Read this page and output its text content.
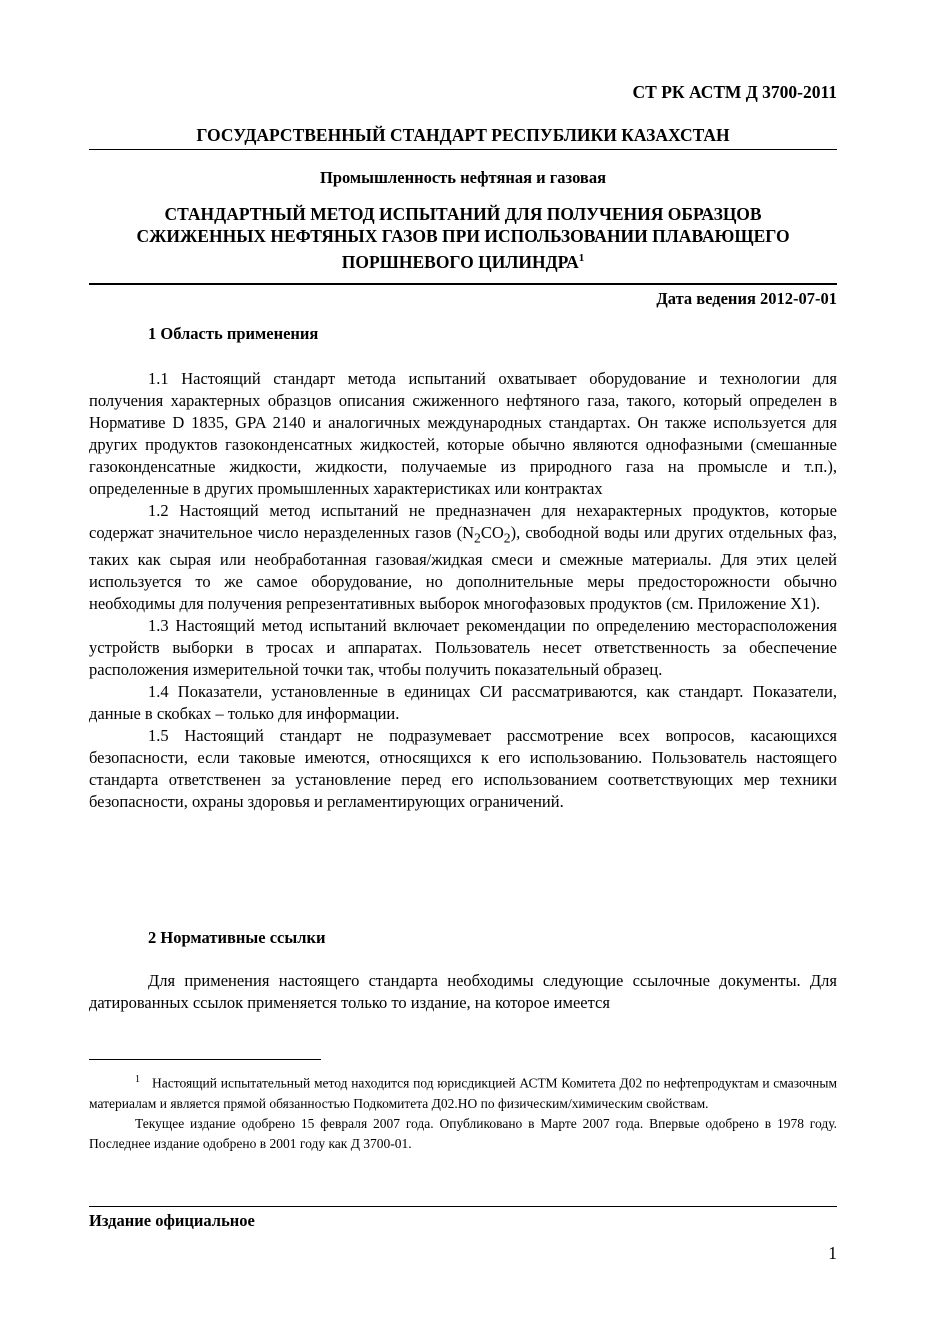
СТ РК АСТМ Д 3700-2011
ГОСУДАРСТВЕННЫЙ СТАНДАРТ РЕСПУБЛИКИ КАЗАХСТАН
Промышленность нефтяная и газовая
СТАНДАРТНЫЙ МЕТОД ИСПЫТАНИЙ ДЛЯ ПОЛУЧЕНИЯ ОБРАЗЦОВ
СЖИЖЕННЫХ НЕФТЯНЫХ ГАЗОВ ПРИ ИСПОЛЬЗОВАНИИ ПЛАВАЮЩЕГО
ПОРШНЕВОГО ЦИЛИНДРА$^1$
Дата ведения 2012-07-01
1 Область применения

1.1 Настоящий стандарт метода испытаний охватывает оборудование и технологии для получения характерных образцов описания сжиженного нефтяного газа, такого, который определен в Нормативе D 1835, GPA 2140 и аналогичных международных стандартах. Он также используется для других продуктов газоконденсатных жидкостей, которые обычно являются однофазными (смешанные газоконденсатные жидкости, жидкости, получаемые из природного газа на промысле и т.п.), определенные в других промышленных характеристиках или контрактах

1.2 Настоящий метод испытаний не предназначен для нехарактерных продуктов, которые содержат значительное число неразделенных газов $(N_2CO_2)$, свободной воды или других отдельных фаз, таких как сырая или необработанная газовая/жидкая смеси и смежные материалы. Для этих целей используется то же самое оборудование, но дополнительные меры предосторожности обычно необходимы для получения репрезентативных выборок многофазовых продуктов (см. Приложение Х1).

1.3 Настоящий метод испытаний включает рекомендации по определению месторасположения устройств выборки в тросах и аппаратах. Пользователь несет ответственность за обеспечение расположения измерительной точки так, чтобы получить показательный образец.

1.4 Показатели, установленные в единицах СИ рассматриваются, как стандарт. Показатели, данные в скобках – только для информации.

1.5 Настоящий стандарт не подразумевает рассмотрение всех вопросов, касающихся безопасности, если таковые имеются, относящихся к его использованию. Пользователь настоящего стандарта ответственен за установление перед его использованием соответствующих мер техники безопасности, охраны здоровья и регламентирующих ограничений.

2 Нормативные ссылки

Для применения настоящего стандарта необходимы следующие ссылочные документы. Для датированных ссылок применяется только то издание, на которое имеется

$^1$ Настоящий испытательный метод находится под юрисдикцией АСТМ Комитета Д02 по нефтепродуктам и смазочным материалам и является прямой обязанностью Подкомитета Д02.НО по физическим/химическим свойствам.

Текущее издание одобрено 15 февраля 2007 года. Опубликовано в Марте 2007 года. Впервые одобрено в 1978 году. Последнее издание одобрено в 2001 году как Д 3700-01.

Издание официальное
1
